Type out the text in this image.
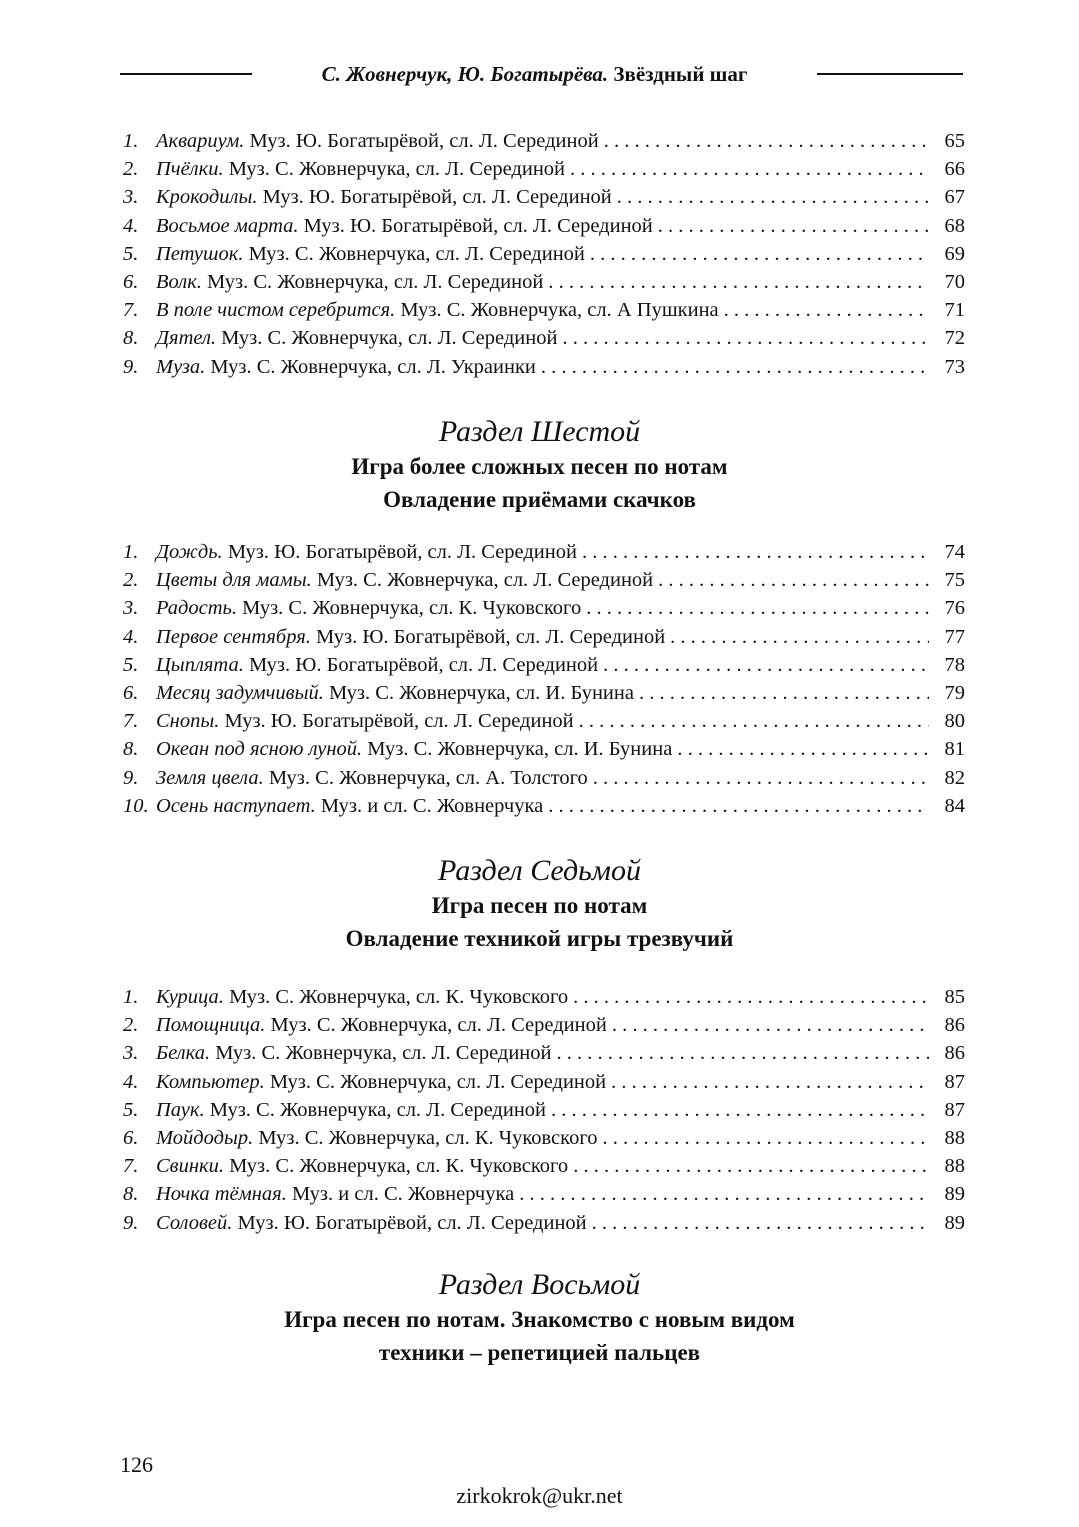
С. Жовнерчук, Ю. Богатырёва. Звёздный шаг
1. Аквариум. Муз. Ю. Богатырёвой, сл. Л. Серединой . . .	65
2. Пчёлки. Муз. С. Жовнерчука, сл. Л. Серединой . . .	66
3. Крокодилы. Муз. Ю. Богатырёвой, сл. Л. Серединой . . .	67
4. Восьмое марта. Муз. Ю. Богатырёвой, сл. Л. Серединой . . .	68
5. Петушок. Муз. С. Жовнерчука, сл. Л. Серединой . . .	69
6. Волк. Муз. С. Жовнерчука, сл. Л. Серединой . . .	70
7. В поле чистом серебрится. Муз. С. Жовнерчука, сл. А Пушкина . . .	71
8. Дятел. Муз. С. Жовнерчука, сл. Л. Серединой . . .	72
9. Муза. Муз. С. Жовнерчука, сл. Л. Украинки . . .	73
Раздел Шестой
Игра более сложных песен по нотам
Овладение приёмами скачков
1. Дождь. Муз. Ю. Богатырёвой, сл. Л. Серединой . . .	74
2. Цветы для мамы. Муз. С. Жовнерчука, сл. Л. Серединой . . .	75
3. Радость. Муз. С. Жовнерчука, сл. К. Чуковского . . .	76
4. Первое сентября. Муз. Ю. Богатырёвой, сл. Л. Серединой . . .	77
5. Цыплята. Муз. Ю. Богатырёвой, сл. Л. Серединой . . .	78
6. Месяц задумчивый. Муз. С. Жовнерчука, сл. И. Бунина . . .	79
7. Снопы. Муз. Ю. Богатырёвой, сл. Л. Серединой . . .	80
8. Океан под ясною луной. Муз. С. Жовнерчука, сл. И. Бунина . . .	81
9. Земля цвела. Муз. С. Жовнерчука, сл. А. Толстого . . .	82
10. Осень наступает. Муз. и сл. С. Жовнерчука . . .	84
Раздел Седьмой
Игра песен по нотам
Овладение техникой игры трезвучий
1. Курица. Муз. С. Жовнерчука, сл. К. Чуковского . . .	85
2. Помощница. Муз. С. Жовнерчука, сл. Л. Серединой . . .	86
3. Белка. Муз. С. Жовнерчука, сл. Л. Серединой . . .	86
4. Компьютер. Муз. С. Жовнерчука, сл. Л. Серединой . . .	87
5. Паук. Муз. С. Жовнерчука, сл. Л. Серединой . . .	87
6. Мойдодыр. Муз. С. Жовнерчука, сл. К. Чуковского . . .	88
7. Свинки. Муз. С. Жовнерчука, сл. К. Чуковского . . .	88
8. Ночка тёмная. Муз. и сл. С. Жовнерчука . . .	89
9. Соловей. Муз. Ю. Богатырёвой, сл. Л. Серединой . . .	89
Раздел Восьмой
Игра песен по нотам. Знакомство с новым видом
техники – репетицией пальцев
126
zirkokrok@ukr.net
